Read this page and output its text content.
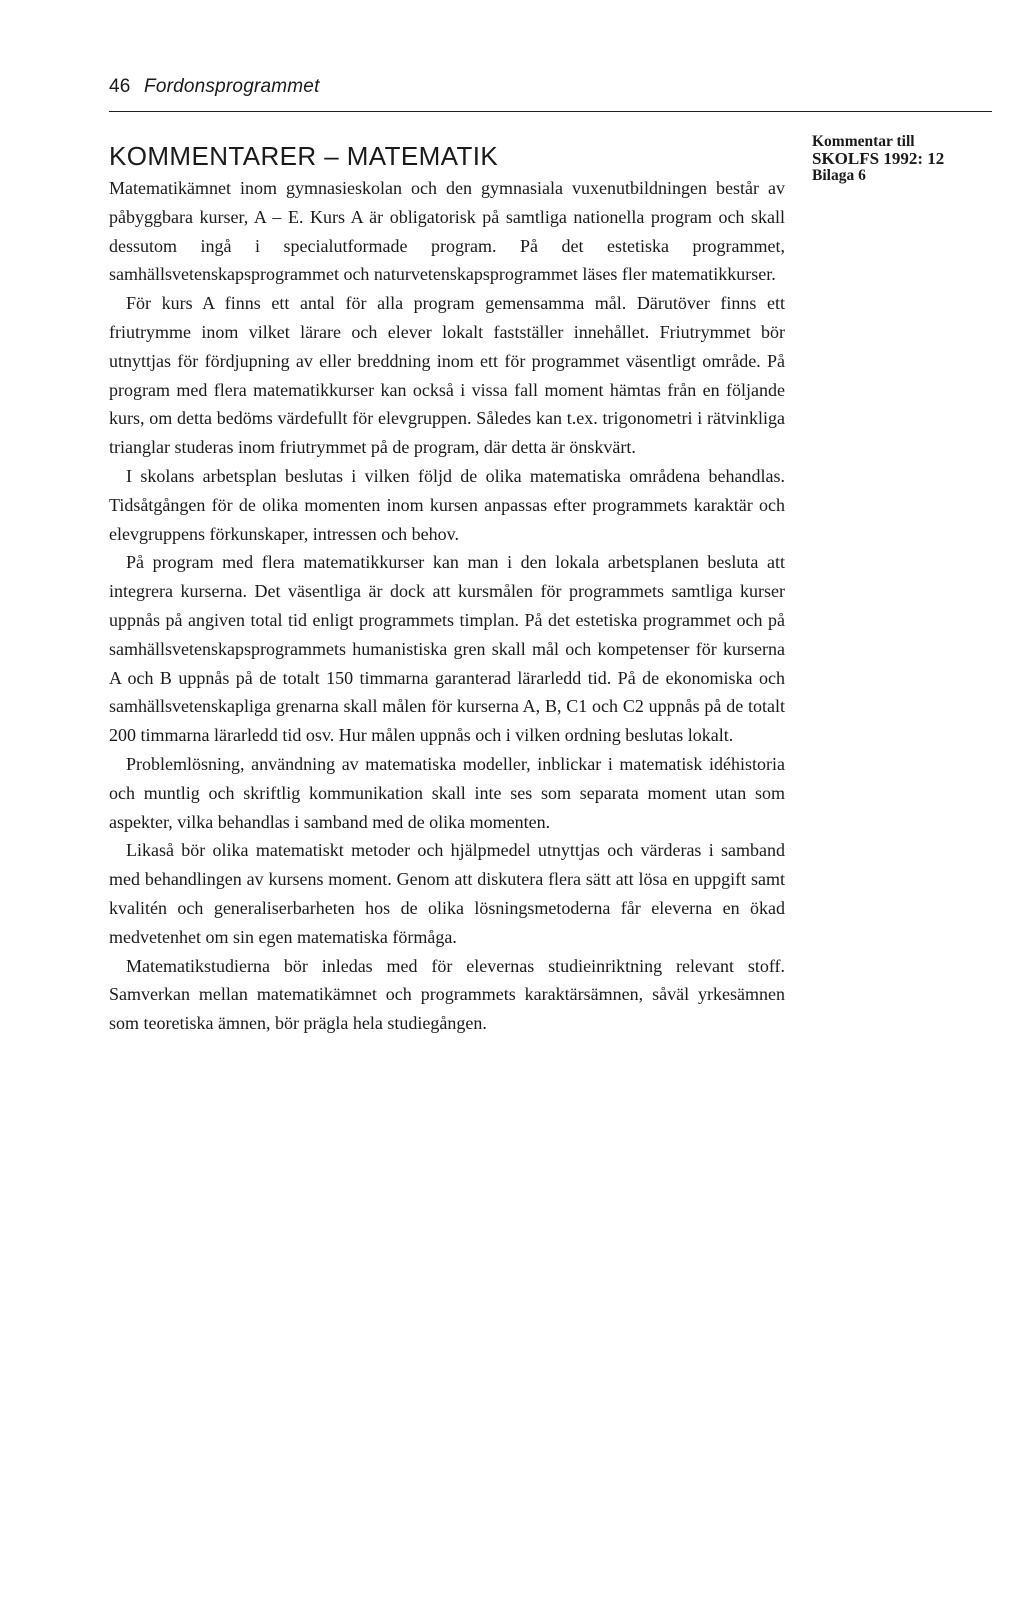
46 Fordonsprogrammet
KOMMENTARER – MATEMATIK	Kommentar till
SKOLFS 1992: 12
Bilaga 6

Matematikämnet inom gymnasieskolan och den gymnasiala vuxenutbildningen består av påbyggbara kurser, A – E. Kurs A är obligatorisk på samtliga nationella program och skall dessutom ingå i specialutformade program. På det estetiska programmet, samhällsvetenskapsprogrammet och naturvetenskapsprogrammet läses fler matematikkurser.

För kurs A finns ett antal för alla program gemensamma mål. Därutöver finns ett friutrymme inom vilket lärare och elever lokalt fastställer innehållet. Friutrymmet bör utnyttjas för fördjupning av eller breddning inom ett för programmet väsentligt område. På program med flera matematikkurser kan också i vissa fall moment hämtas från en följande kurs, om detta bedöms värdefullt för elevgruppen. Således kan t.ex. trigonometri i rätvinkliga trianglar studeras inom friutrymmet på de program, där detta är önskvärt.

I skolans arbetsplan beslutas i vilken följd de olika matematiska områdena behandlas. Tidsåtgången för de olika momenten inom kursen anpassas efter programmets karaktär och elevgruppens förkunskaper, intressen och behov.

På program med flera matematikkurser kan man i den lokala arbetsplanen besluta att integrera kurserna. Det väsentliga är dock att kursmålen för programmets samtliga kurser uppnås på angiven total tid enligt programmets timplan. På det estetiska programmet och på samhällsvetenskapsprogrammets humanistiska gren skall mål och kompetenser för kurserna A och B uppnås på de totalt 150 timmarna garanterad lärarledd tid. På de ekonomiska och samhällsvetenskapliga grenarna skall målen för kurserna A, B, C1 och C2 uppnås på de totalt 200 timmarna lärarledd tid osv. Hur målen uppnås och i vilken ordning beslutas lokalt.

Problemlösning, användning av matematiska modeller, inblickar i matematisk idéhistoria och muntlig och skriftlig kommunikation skall inte ses som separata moment utan som aspekter, vilka behandlas i samband med de olika momenten.

Likaså bör olika matematiskt metoder och hjälpmedel utnyttjas och värderas i samband med behandlingen av kursens moment. Genom att diskutera flera sätt att lösa en uppgift samt kvalitén och generaliserbarheten hos de olika lösningsmetoderna får eleverna en ökad medvetenhet om sin egen matematiska förmåga.

Matematikstudierna bör inledas med för elevernas studieinriktning relevant stoff. Samverkan mellan matematikämnet och programmets karaktärsämnen, såväl yrkesämnen som teoretiska ämnen, bör prägla hela studiegången.
